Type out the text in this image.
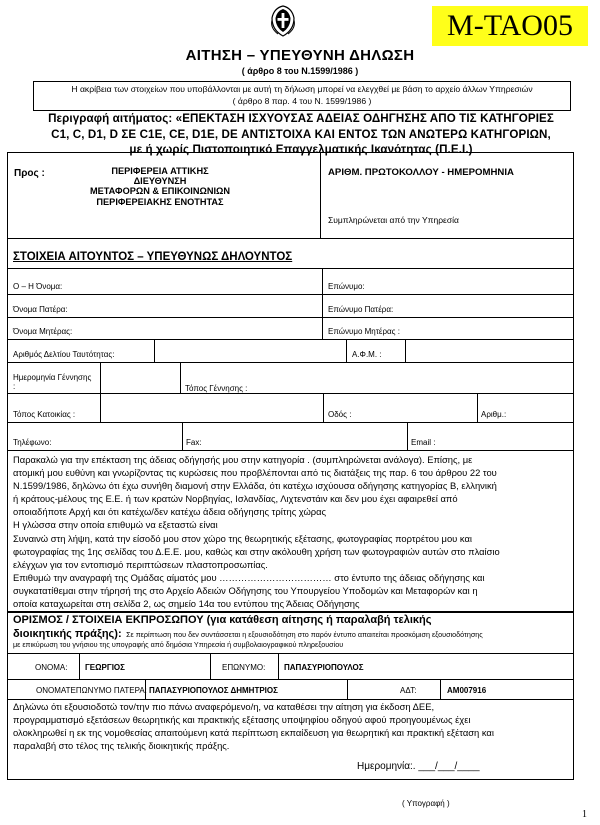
M-TAO05
ΑΙΤΗΣΗ – ΥΠΕΥΘΥΝΗ ΔΗΛΩΣΗ
( άρθρο 8 του Ν.1599/1986 )
Η ακρίβεια των στοιχείων που υποβάλλονται με αυτή τη δήλωση μπορεί να ελεγχθεί με βάση το αρχείο άλλων Υπηρεσιών
( άρθρο 8 παρ. 4 του Ν. 1599/1986 )
Περιγραφή αιτήματος: «ΕΠΕΚΤΑΣΗ ΙΣΧΥΟΥΣΑΣ ΑΔΕΙΑΣ ΟΔΗΓΗΣΗΣ ΑΠΟ ΤΙΣ ΚΑΤΗΓΟΡΙΕΣ
C1, C, D1, D ΣΕ C1E, CE, D1E, DE ΑΝΤΙΣΤΟΙΧΑ ΚΑΙ ΕΝΤΟΣ ΤΩΝ ΑΝΩΤΕΡΩ ΚΑΤΗΓΟΡΙΩΝ,
με ή χωρίς Πιστοποιητικό Επαγγελματικής Ικανότητας (Π.Ε.Ι.)
Προς :	ΠΕΡΙΦΕΡΕΙΑ ΑΤΤΙΚΗΣ
ΔΙΕΥΘΥΝΣΗ
ΜΕΤΑΦΟΡΩΝ & ΕΠΙΚΟΙΝΩΝΙΩΝ
ΠΕΡΙΦΕΡΕΙΑΚΗΣ ΕΝΟΤΗΤΑΣ
ΑΡΙΘΜ. ΠΡΩΤΟΚΟΛΛΟΥ - ΗΜΕΡΟΜΗΝΙΑ
Συμπληρώνεται από την Υπηρεσία
ΣΤΟΙΧΕΙΑ ΑΙΤΟΥΝΤΟΣ – ΥΠΕΥΘΥΝΩΣ ΔΗΛΟΥΝΤΟΣ
Ο – Η Όνομα:	Επώνυμο:
Όνομα Πατέρα:	Επώνυμο Πατέρα:
Όνομα Μητέρας:	Επώνυμο Μητέρας :
Αριθμός Δελτίου Ταυτότητας:	Α.Φ.Μ. :
Ημερομηνία Γέννησης
:	Τόπος Γέννησης :
Τόπος Κατοικίας :	Οδός :	Αριθμ.:
Τηλέφωνο:	Fax:	Email :
Παρακαλώ για την επέκταση της άδειας οδήγησής μου στην κατηγορία . (συμπληρώνεται ανάλογα). Επίσης, με
ατομική μου ευθύνη και γνωρίζοντας τις κυρώσεις που προβλέπονται από τις διατάξεις της παρ. 6 του άρθρου 22 του
Ν.1599/1986, δηλώνω ότι έχω συνήθη διαμονή στην Ελλάδα, ότι κατέχω ισχύουσα οδήγησης κατηγορίας Β, ελληνική
ή κράτους-μέλους της Ε.Ε. ή των κρατών Νορβηγίας, Ισλανδίας, Λιχτενστάιν και δεν μου έχει αφαιρεθεί από
οποιαδήποτε Αρχή και ότι κατέχω/δεν κατέχω άδεια οδήγησης τρίτης χώρας
Η γλώσσα στην οποία επιθυμώ να εξεταστώ είναι
Συναινώ στη λήψη, κατά την είσοδό μου στον χώρο της θεωρητικής εξέτασης, φωτογραφίας πορτρέτου μου και
φωτογραφίας της 1ης σελίδας του Δ.Ε.Ε. μου, καθώς και στην ακόλουθη χρήση των φωτογραφιών αυτών στο πλαίσιο
ελέγχων για τον εντοπισμό περιπτώσεων πλαστοπροσωπίας.
Επιθυμώ την αναγραφή της Ομάδας αίματός μου ……………………………… στο έντυπο της άδειας οδήγησης και
συγκατατίθεμαι στην τήρησή της στο Αρχείο Αδειών Οδήγησης του Υπουργείου Υποδομών και Μεταφορών και η
οποία καταχωρείται στη σελίδα 2, ως σημείο 14α του εντύπου της Άδειας Οδήγησης
ΟΡΙΣΜΟΣ / ΣΤΟΙΧΕΙΑ ΕΚΠΡΟΣΩΠΟΥ (για κατάθεση αίτησης ή παραλαβή τελικής
διοικητικής πράξης): Σε περίπτωση που δεν συντάσσεται η εξουσιοδότηση στο παρόν έντυπο απαιτείται προσκόμιση εξουσιοδότησης
με επικύρωση του γνήσιου της υπογραφής από δημόσια Υπηρεσία ή συμβολαιογραφικού πληρεξουσίου
ΟΝΟΜΑ: ΓΕΩΡΓΙΟΣ	ΕΠΩΝΥΜΟ: ΠΑΠΑΣΥΡΙΟΠΟΥΛΟΣ
ΟΝΟΜΑΤΕΠΩΝΥΜΟ ΠΑΤΕΡΑ: ΠΑΠΑΣΥΡΙΟΠΟΥΛΟΣ ΔΗΜΗΤΡΙΟΣ	ΑΔΤ:	ΑΜ007916
Δηλώνω ότι εξουσιοδοτώ τον/την πιο πάνω αναφερόμενο/η, να καταθέσει την αίτηση για έκδοση ΔΕΕ,
προγραμματισμό εξετάσεων θεωρητικής και πρακτικής εξέτασης υποψηφίου οδηγού αφού προηγουμένως έχει
ολοκληρωθεί η εκ της νομοθεσίας απαιτούμενη κατά περίπτωση εκπαίδευση για θεωρητική και πρακτική εξέταση και
παραλαβή στο τέλος της τελικής διοικητικής πράξης.
Ημερομηνία:. ___/___/____
( Υπογραφή )
1
